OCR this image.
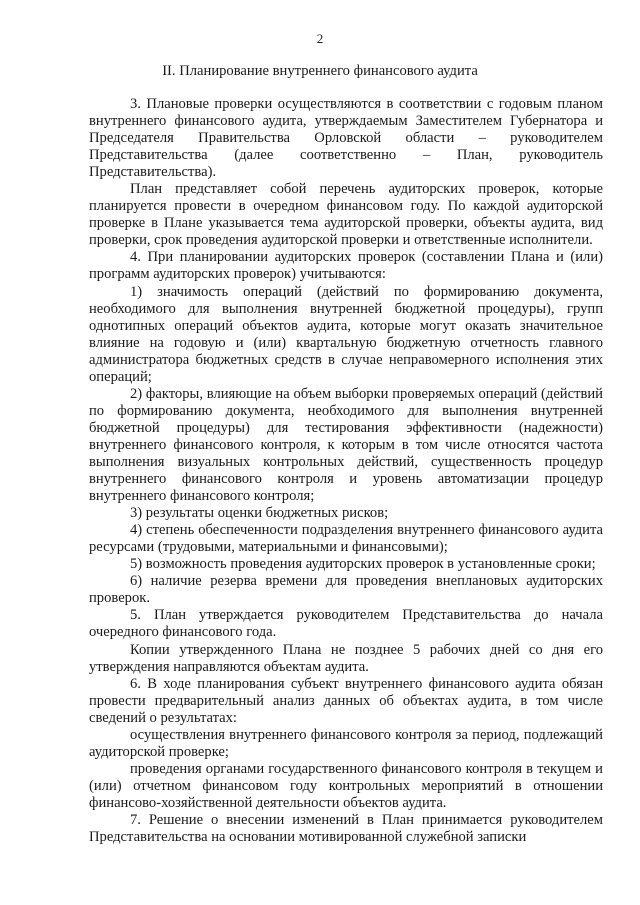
2
II. Планирование внутреннего финансового аудита

3. Плановые проверки осуществляются в соответствии с годовым планом внутреннего финансового аудита, утверждаемым Заместителем Губернатора и Председателя Правительства Орловской области – руководителем Представительства (далее соответственно – План, руководитель Представительства).

План представляет собой перечень аудиторских проверок, которые планируется провести в очередном финансовом году. По каждой аудиторской проверке в Плане указывается тема аудиторской проверки, объекты аудита, вид проверки, срок проведения аудиторской проверки и ответственные исполнители.

4. При планировании аудиторских проверок (составлении Плана и (или) программ аудиторских проверок) учитываются:

1) значимость операций (действий по формированию документа, необходимого для выполнения внутренней бюджетной процедуры), групп однотипных операций объектов аудита, которые могут оказать значительное влияние на годовую и (или) квартальную бюджетную отчетность главного администратора бюджетных средств в случае неправомерного исполнения этих операций;

2) факторы, влияющие на объем выборки проверяемых операций (действий по формированию документа, необходимого для выполнения внутренней бюджетной процедуры) для тестирования эффективности (надежности) внутреннего финансового контроля, к которым в том числе относятся частота выполнения визуальных контрольных действий, существенность процедур внутреннего финансового контроля и уровень автоматизации процедур внутреннего финансового контроля;

3) результаты оценки бюджетных рисков;

4) степень обеспеченности подразделения внутреннего финансового аудита ресурсами (трудовыми, материальными и финансовыми);

5) возможность проведения аудиторских проверок в установленные сроки;

6) наличие резерва времени для проведения внеплановых аудиторских проверок.

5. План утверждается руководителем Представительства до начала очередного финансового года.

Копии утвержденного Плана не позднее 5 рабочих дней со дня его утверждения направляются объектам аудита.

6. В ходе планирования субъект внутреннего финансового аудита обязан провести предварительный анализ данных об объектах аудита, в том числе сведений о результатах:

осуществления внутреннего финансового контроля за период, подлежащий аудиторской проверке;

проведения органами государственного финансового контроля в текущем и (или) отчетном финансовом году контрольных мероприятий в отношении финансово-хозяйственной деятельности объектов аудита.

7. Решение о внесении изменений в План принимается руководителем Представительства на основании мотивированной служебной записки
